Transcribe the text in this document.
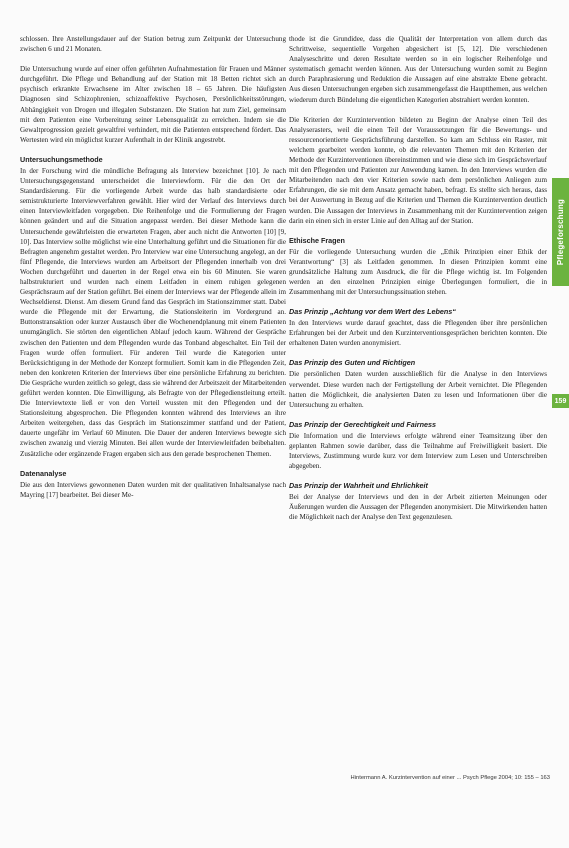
schlossen. Ihre Anstellungsdauer auf der Station betrug zum Zeitpunkt der Untersuchung zwischen 6 und 21 Monaten.

Die Untersuchung wurde auf einer offen geführten Aufnahmestation für Frauen und Männer durchgeführt. Die Pflege und Behandlung auf der Station mit 18 Betten richtet sich an psychisch erkrankte Erwachsene im Alter zwischen 18 – 65 Jahren. Die häufigsten Diagnosen sind Schizophrenien, schizoaffektive Psychosen, Persönlichkeitsstörungen, Abhängigkeit von Drogen und illegalen Substanzen. Die Station hat zum Ziel, gemeinsam mit dem Patienten eine Vorbereitung seiner Lebensqualität zu erreichen. Indem sie die Gewaltprogression gezielt gewaltfrei verhindert, mit die Patienten entsprechend fördert. Das Wertesten wird ein möglichst kurzer Aufenthalt in der Klinik angestrebt.

Untersuchungsmethode

In der Forschung wird die mündliche Befragung als Interview bezeichnet [10]. Je nach Untersuchungsgegenstand unterscheidet die Interviewform. Für die den Ort der Standardisierung. Für die vorliegende Arbeit wurde das halb standardisierte oder semistrukturierte Interviewverfahren gewählt. Hier wird der Verlauf des Interviews durch einen Interviewleitfaden vorgegeben. Die Reihenfolge und die Formulierung der Fragen können geändert und auf die Situation angepasst werden. Bei dieser Methode kann die Untersuchende gewährleisten die erwarteten Fragen, aber auch nicht die Antworten [10] [9, 10]. Das Interview sollte möglichst wie eine Unterhaltung geführt und die Situationen für die Befragten angenehm gestaltet werden. Pro Interview war eine Untersuchung angelegt, an der fünf Pflegende, die Interviews wurden am Arbeitsort der Pflegenden innerhalb von drei Wochen durchgeführt und dauerten in der Regel etwa ein bis 60 Minuten. Sie waren halbstrukturiert und wurden nach einem Leitfaden in einem ruhigen gelegenen Gesprächsraum auf der Station geführt. Bei einem der Interviews war der Pflegende allein im Wechseldienst. Dienst. Am diesem Grund fand das Gespräch im Stationszimmer statt. Dabei wurde die Pflegende mit der Erwartung, die Stationsleiterin im Vordergrund an. Buttonstransaktion oder kurzer Austausch über die Wochenendplanung mit einem Patienten unumgänglich. Sie störten den eigentlichen Ablauf jedoch kaum. Während der Gespräche zwischen den Patienten und dem Pflegenden wurde das Tonband abgeschaltet. Ein Teil der Fragen wurde offen formuliert. Für anderen Teil wurde die Kategorien unter Berücksichtigung in der Methode der Konzept formuliert. Somit kam in die Pflegenden Zeit, neben den konkreten Kriterien der Interviews über eine persönliche Erfahrung zu berichten. Die Gespräche wurden zeitlich so gelegt, dass sie während der Arbeitszeit der Mitarbeitenden geführt werden konnten. Die Einwilligung, als Befragte von der Pflegedienstleitung erteilt. Die Interviewtexte ließ er von den Vorteil wussten mit den Pflegenden und der Stationsleitung abgesprochen. Die Pflegenden konnten während des Interviews an ihre Arbeiten weitergehen, dass das Gespräch im Stationszimmer stattfand und der Patient, dauerte ungefähr im Verlauf 60 Minuten. Die Dauer der anderen Interviews bewegte sich zwischen zwanzig und vierzig Minuten. Bei allen wurde der Interviewleitfaden beibehalten. Zusätzliche oder ergänzende Fragen ergaben sich aus den gerade besprochenen Themen.

Datenanalyse

Die aus den Interviews gewonnenen Daten wurden mit der qualitativen Inhaltsanalyse nach Mayring [17] bearbeitet. Bei dieser Me-

thode ist die Grundidee, dass die Qualität der Interpretation von allem durch das Schrittweise, sequentielle Vorgehen abgesichert ist [5, 12]. Die verschiedenen Analyseschritte und deren Resultate werden so in ein logischer Reihenfolge und systematisch gemacht werden können. Aus der Untersuchung wurden somit zu Beginn durch Paraphrasierung und Reduktion die Aussagen auf eine abstrakte Ebene gebracht. Aus diesen Untersuchungen ergeben sich zusammengefasst die Hauptthemen, aus welchen wiederum durch Bündelung die eigentlichen Kategorien abstrahiert werden konnten.

Die Kriterien der Kurzintervention bildeten zu Beginn der Analyse einen Teil des Analyserasters, weil die einen Teil der Voraussetzungen für die Bewertungs- und ressourcenorientierte Gesprächsführung darstellen. So kam am Schluss ein Raster, mit welchem gearbeitet werden konnte, ob die relevanten Themen mit den Kriterien der Methode der Kurzinterventionen übereinstimmen und wie diese sich im Gesprächsverlauf mit den Pflegenden und Patienten zur Anwendung kamen. In den Interviews wurden die Mitarbeitenden nach den vier Kriterien sowie nach dem persönlichen Anliegen zum Erfahrungen, die sie mit dem Ansatz gemacht haben, befragt. Es stellte sich heraus, dass bei der Auswertung in Bezug auf die Kriterien und Themen die Kurzintervention deutlich wurden. Die Aussagen der Interviews in Zusammenhang mit der Kurzintervention zeigen darin ein einen sich in erster Linie auf den Alltag auf der Station.

Ethische Fragen

Für die vorliegende Untersuchung wurden die „Ethik Prinzipien einer Ethik der Verantwortung“ [3] als Leitfaden genommen. In diesen Prinzipien kommt eine grundsätzliche Haltung zum Ausdruck, die für die Pflege wichtig ist. Im Folgenden werden an den einzelnen Prinzipien einige Überlegungen formuliert, die in Zusammenhang mit der Untersuchungssituation stehen.

Das Prinzip „Achtung vor dem Wert des Lebens“

In den Interviews wurde darauf geachtet, dass die Pflegenden über ihre persönlichen Erfahrungen bei der Arbeit und den Kurzinterventionsgesprächen berichten konnten. Die erhaltenen Daten wurden anonymisiert.

Das Prinzip des Guten und Richtigen

Die persönlichen Daten wurden ausschließlich für die Analyse in den Interviews verwendet. Diese wurden nach der Fertigstellung der Arbeit vernichtet. Die Pflegenden hatten die Möglichkeit, die analysierten Daten zu lesen und Informationen über die Untersuchung zu erhalten.

Das Prinzip der Gerechtigkeit und Fairness

Die Information und die Interviews erfolgte während einer Teamsitzung über den geplanten Rahmen sowie darüber, dass die Teilnahme auf Freiwilligkeit basiert. Die Interviews, Zustimmung wurde kurz vor dem Interview zum Lesen und Unterschreiben abgegeben.

Das Prinzip der Wahrheit und Ehrlichkeit

Bei der Analyse der Interviews und den in der Arbeit zitierten Meinungen oder Äußerungen wurden die Aussagen der Pflegenden anonymisiert. Die Mitwirkenden hatten die Möglichkeit nach der Analyse den Text gegenzulesen.

Pflegeforschung
159
Hintermann A. Kurzintervention auf einer ... Psych Pflege 2004; 10: 155 – 163
